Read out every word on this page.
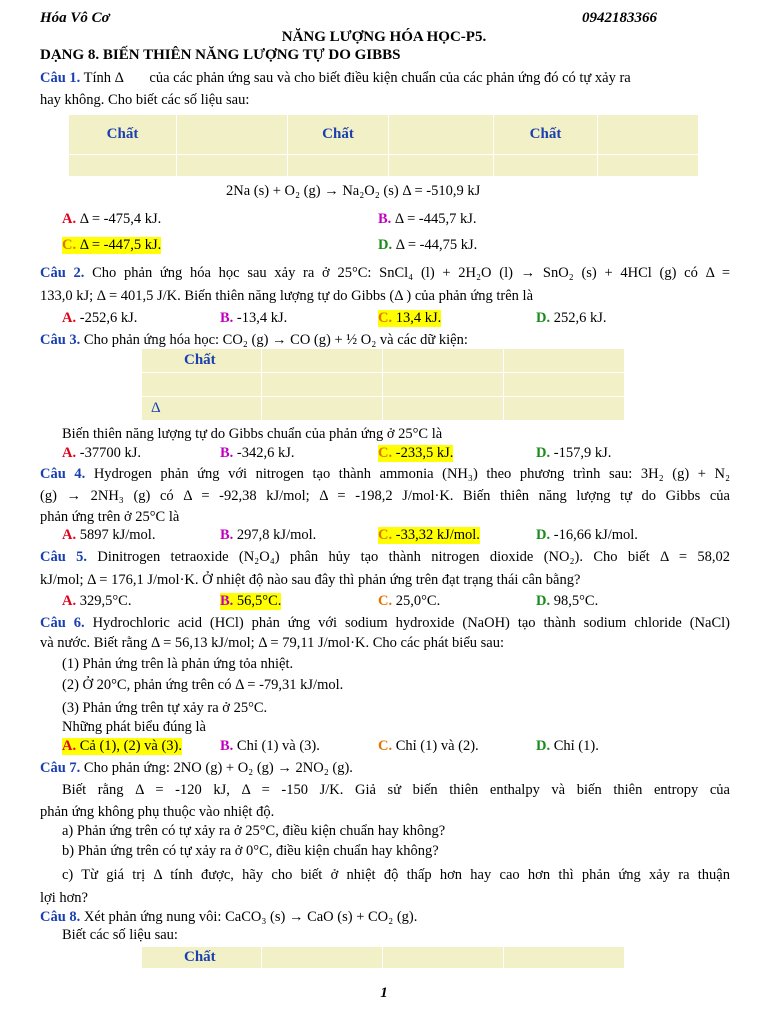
Hóa Vô Cơ	0942183366
NĂNG LƯỢNG HÓA HỌC-P5.
DẠNG 8. BIẾN THIÊN NĂNG LƯỢNG TỰ DO GIBBS
Câu 1. Tính Δ của các phản ứng sau và cho biết điều kiện chuẩn của các phản ứng đó có tự xảy ra
hay không. Cho biết các số liệu sau:
Chất		Chất		Chất	

2Na (s) + O₂ (g) → Na₂O₂ (s) Δ = -510,9 kJ
A. Δ = -475,4 kJ.	B. Δ = -445,7 kJ.
C. Δ = -447,5 kJ.	D. Δ = -44,75 kJ.
Câu 2. Cho phản ứng hóa học sau xảy ra ở 25°C: SnCl₄ (l) + 2H₂O (l) → SnO₂ (s) + 4HCl (g) có Δ =
133,0 kJ; Δ = 401,5 J/K. Biến thiên năng lượng tự do Gibbs (Δ ) của phản ứng trên là
A. -252,6 kJ.	B. -13,4 kJ.	C. 13,4 kJ.	D. 252,6 kJ.
Câu 3. Cho phản ứng hóa học: CO₂ (g) → CO (g) + ½ O₂ và các dữ kiện:
Chất			

Δ			
Biến thiên năng lượng tự do Gibbs chuẩn của phản ứng ở 25°C là
A. -37700 kJ.	B. -342,6 kJ.	C. -233,5 kJ.	D. -157,9 kJ.
Câu 4. Hydrogen phản ứng với nitrogen tạo thành ammonia (NH₃) theo phương trình sau: 3H₂ (g) + N₂
(g) → 2NH₃ (g) có Δ = -92,38 kJ/mol; Δ = -198,2 J/mol·K. Biến thiên năng lượng tự do Gibbs của
phản ứng trên ở 25°C là
A. 5897 kJ/mol.	B. 297,8 kJ/mol.	C. -33,32 kJ/mol.	D. -16,66 kJ/mol.
Câu 5. Dinitrogen tetraoxide (N₂O₄) phân hủy tạo thành nitrogen dioxide (NO₂). Cho biết Δ = 58,02
kJ/mol; Δ = 176,1 J/mol·K. Ở nhiệt độ nào sau đây thì phản ứng trên đạt trạng thái cân bằng?
A. 329,5°C.	B. 56,5°C.	C. 25,0°C.	D. 98,5°C.
Câu 6. Hydrochloric acid (HCl) phản ứng với sodium hydroxide (NaOH) tạo thành sodium chloride (NaCl)
và nước. Biết rằng Δ = 56,13 kJ/mol; Δ = 79,11 J/mol·K. Cho các phát biểu sau:
(1) Phản ứng trên là phản ứng tỏa nhiệt.
(2) Ở 20°C, phản ứng trên có Δ = -79,31 kJ/mol.
(3) Phản ứng trên tự xảy ra ở 25°C.
Những phát biểu đúng là
A. Cả (1), (2) và (3).	B. Chỉ (1) và (3).	C. Chỉ (1) và (2).	D. Chỉ (1).
Câu 7. Cho phản ứng: 2NO (g) + O₂ (g) → 2NO₂ (g).
Biết rằng Δ = -120 kJ, Δ = -150 J/K. Giả sử biến thiên enthalpy và biến thiên entropy của
phản ứng không phụ thuộc vào nhiệt độ.
a) Phản ứng trên có tự xảy ra ở 25°C, điều kiện chuẩn hay không?
b) Phản ứng trên có tự xảy ra ở 0°C, điều kiện chuẩn hay không?
c) Từ giá trị Δ tính được, hãy cho biết ở nhiệt độ thấp hơn hay cao hơn thì phản ứng xảy ra thuận
lợi hơn?
Câu 8. Xét phản ứng nung vôi: CaCO₃ (s) → CaO (s) + CO₂ (g).
Biết các số liệu sau:
Chất			
1
